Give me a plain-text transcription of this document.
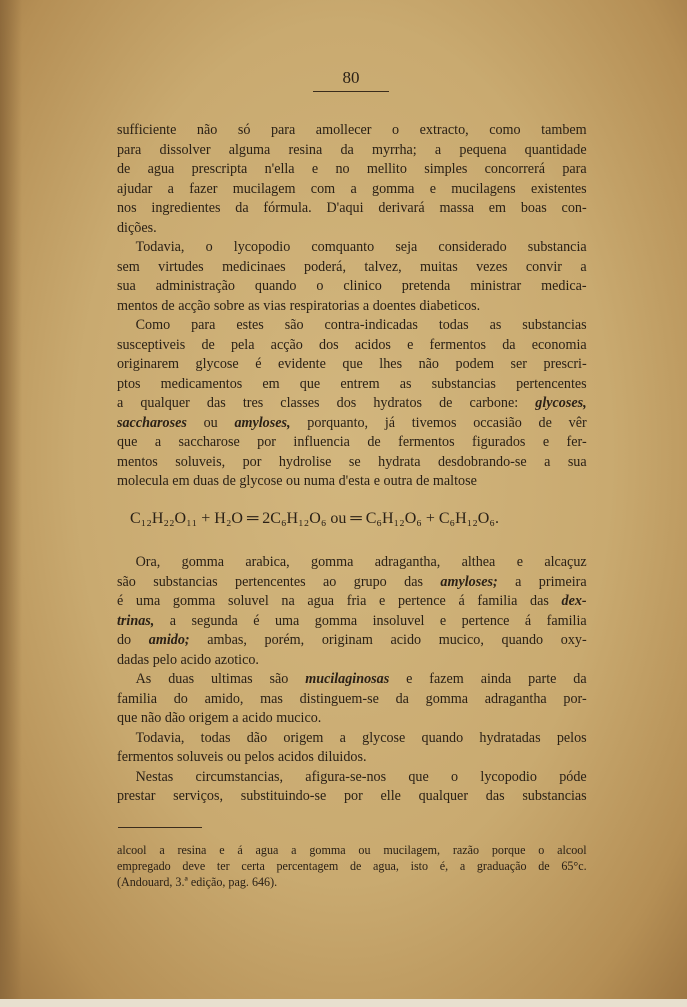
80
sufficiente não só para amollecer o extracto, como tambem
para dissolver alguma resina da myrrha; a pequena quantidade
de agua prescripta n'ella e no mellito simples concorrerá para
ajudar a fazer mucilagem com a gomma e mucilagens existentes
nos ingredientes da fórmula. D'aqui derivará massa em boas con-
dições.
Todavia, o lycopodio comquanto seja considerado substancia
sem virtudes medicinaes poderá, talvez, muitas vezes convir a
sua administração quando o clinico pretenda ministrar medica-
mentos de acção sobre as vias respiratorias a doentes diabeticos.
Como para estes são contra-indicadas todas as substancias
susceptiveis de pela acção dos acidos e fermentos da economia
originarem glycose é evidente que lhes não podem ser prescri-
ptos medicamentos em que entrem as substancias pertencentes
a qualquer das tres classes dos hydratos de carbone: glycoses,
saccharoses ou amyloses, porquanto, já tivemos occasião de vêr
que a saccharose por influencia de fermentos figurados e fer-
mentos soluveis, por hydrolise se hydrata desdobrando-se a sua
molecula em duas de glycose ou numa d'esta e outra de maltose
C₁₂H₂₂O₁₁ + H₂O ═ 2C₆H₁₂O₆ ou ═ C₆H₁₂O₆ + C₆H₁₂O₆.
Ora, gomma arabica, gomma adragantha, althea e alcaçuz
são substancias pertencentes ao grupo das amyloses; a primeira
é uma gomma soluvel na agua fria e pertence á familia das dex-
trinas, a segunda é uma gomma insoluvel e pertence á familia
do amido; ambas, porém, originam acido mucico, quando oxy-
dadas pelo acido azotico.
As duas ultimas são mucilaginosas e fazem ainda parte da
familia do amido, mas distinguem-se da gomma adragantha por-
que não dão origem a acido mucico.
Todavia, todas dão origem a glycose quando hydratadas pelos
fermentos soluveis ou pelos acidos diluidos.
Nestas circumstancias, afigura-se-nos que o lycopodio póde
prestar serviços, substituindo-se por elle qualquer das substancias
alcool a resina e á agua a gomma ou mucilagem, razão porque o alcool
empregado deve ter certa percentagem de agua, isto é, a graduação de 65°c.
(Andouard, 3.ª edição, pag. 646).
